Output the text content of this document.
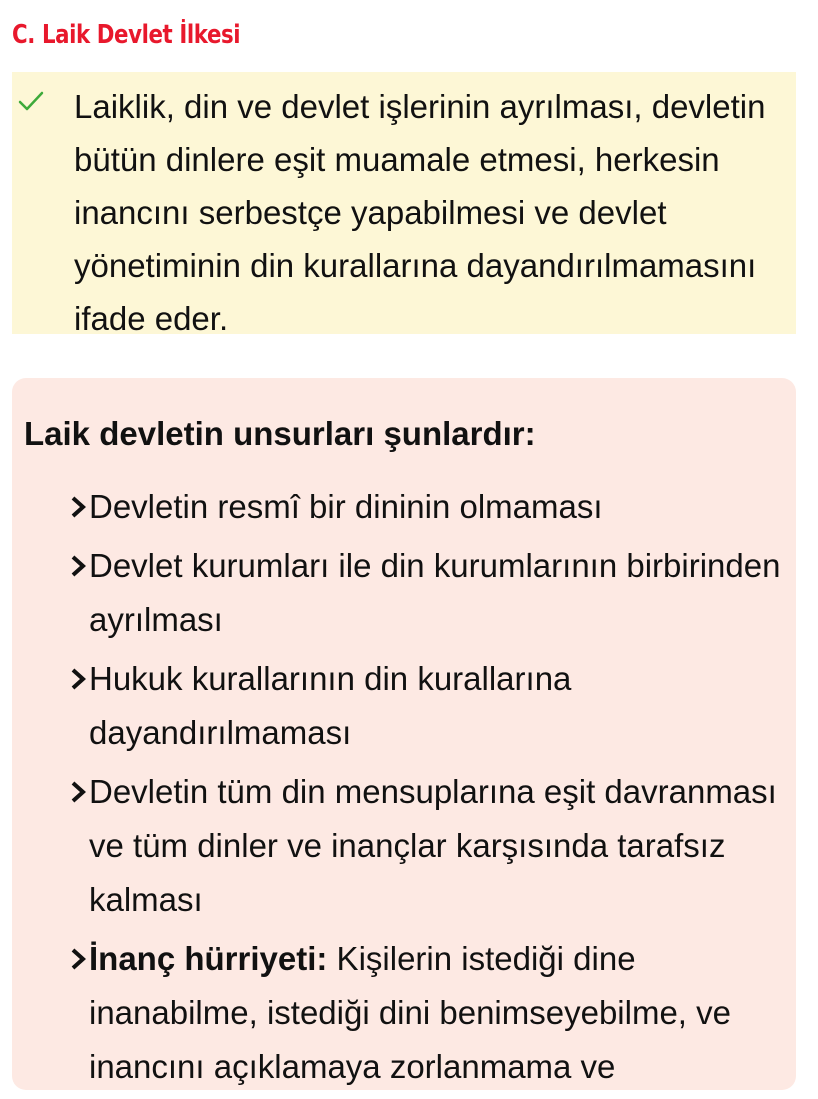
C. Laik Devlet İlkesi

Laiklik, din ve devlet işlerinin ayrılması, devletin bütün dinlere eşit muamale etmesi, herkesin inancını serbestçe yapabilmesi ve devlet yönetiminin din kurallarına dayandırılmamasını ifade eder.

Laik devletin unsurları şunlardır:
Devletin resmî bir dininin olmaması
Devlet kurumları ile din kurumlarının birbirinden ayrılması
Hukuk kurallarının din kurallarına dayandırılmaması
Devletin tüm din mensuplarına eşit davranması ve tüm dinler ve inançlar karşısında tarafsız kalması
İnanç hürriyeti: Kişilerin istediği dine inanabilme, istediği dini benimseyebilme, ve inancını açıklamaya zorlanmama ve
